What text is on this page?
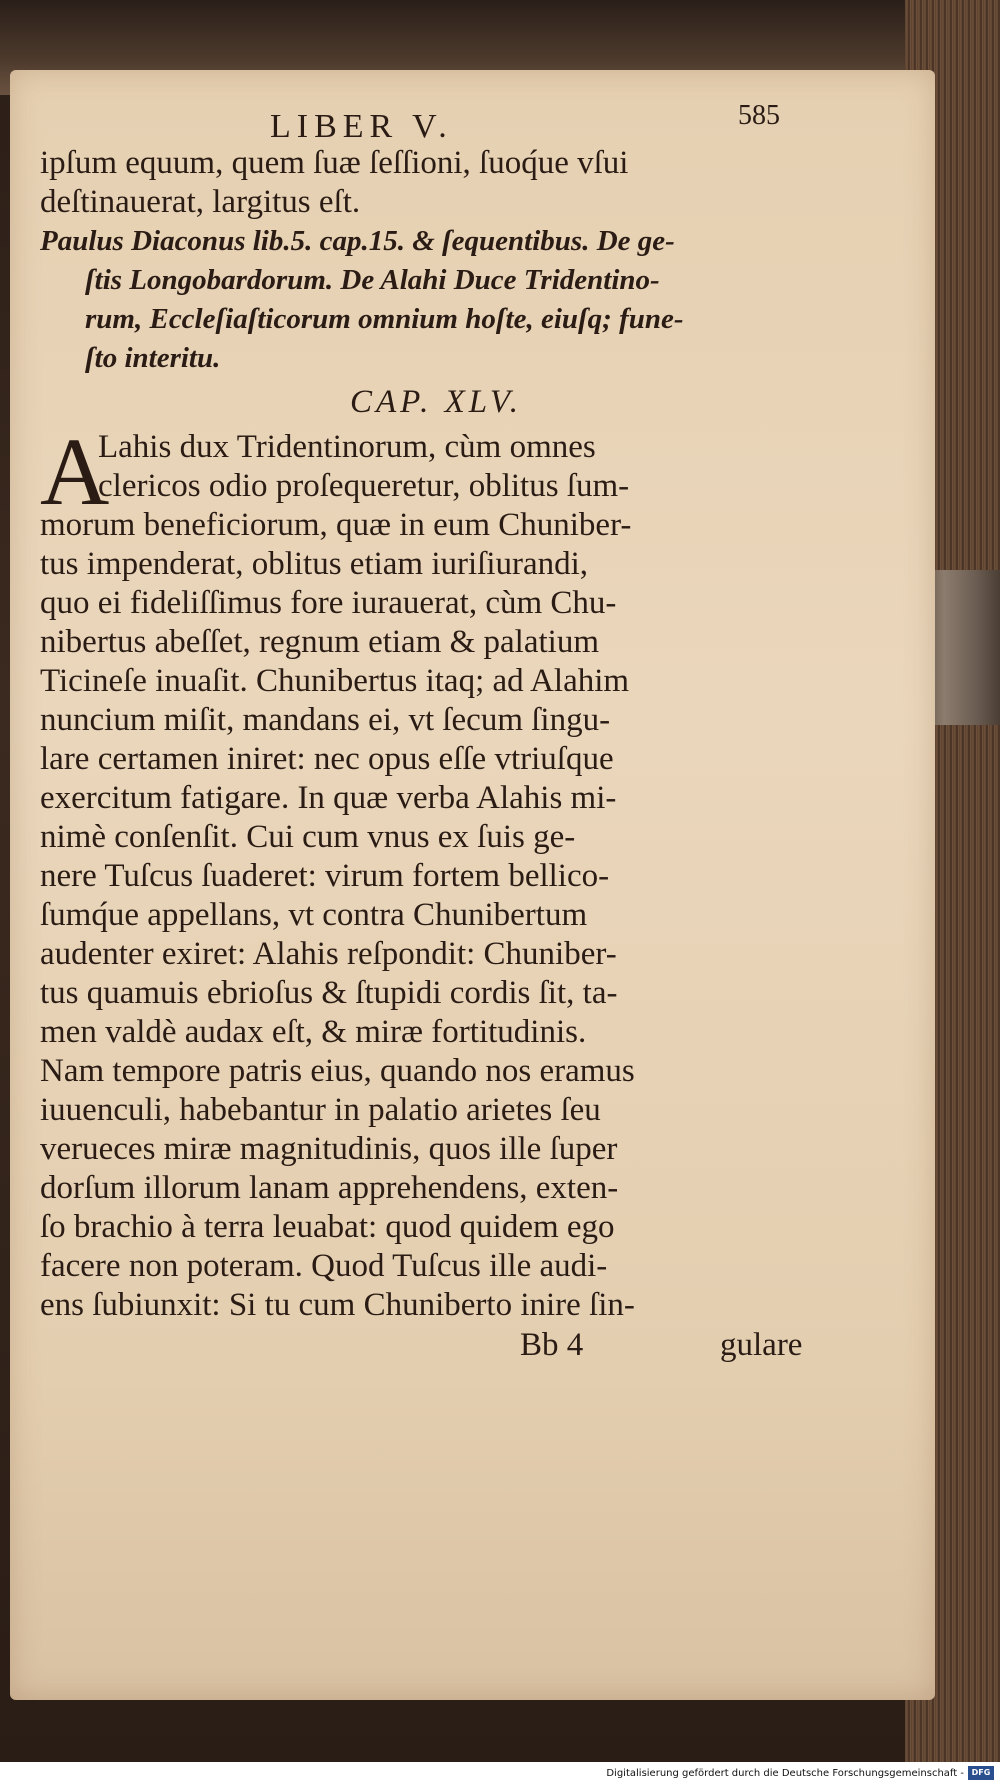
LIBER V.	585
ipſum equum, quem ſuæ ſeſſioni, ſuoq́ue vſui
deſtinauerat, largitus eſt.
Paulus Diaconus lib.5. cap.15. & ſequentibus. De ge-
ſtis Longobardorum. De Alahi Duce Tridentino-
rum, Eccleſiaſticorum omnium hoſte, eiuſq; fune-
ſto interitu.
CAP. XLV.
A
Lahis dux Tridentinorum, cùm omnes
clericos odio proſequeretur, oblitus ſum-
morum beneficiorum, quæ in eum Chuniber-
tus impenderat, oblitus etiam iuriſiurandi,
quo ei fideliſſimus fore iurauerat, cùm Chu-
nibertus abeſſet, regnum etiam & palatium
Ticineſe inuaſit. Chunibertus itaq; ad Alahim
nuncium miſit, mandans ei, vt ſecum ſingu-
lare certamen iniret: nec opus eſſe vtriuſque
exercitum fatigare. In quæ verba Alahis mi-
nimè conſenſit. Cui cum vnus ex ſuis ge-
nere Tuſcus ſuaderet: virum fortem bellico-
ſumq́ue appellans, vt contra Chunibertum
audenter exiret: Alahis reſpondit: Chuniber-
tus quamuis ebrioſus & ſtupidi cordis ſit, ta-
men valdè audax eſt, & miræ fortitudinis.
Nam tempore patris eius, quando nos eramus
iuuenculi, habebantur in palatio arietes ſeu
verueces miræ magnitudinis, quos ille ſuper
dorſum illorum lanam apprehendens, exten-
ſo brachio à terra leuabat: quod quidem ego
facere non poteram. Quod Tuſcus ille audi-
ens ſubiunxit: Si tu cum Chuniberto inire ſin-
Bb 4	gulare
Digitalisierung gefördert durch die Deutsche Forschungsgemeinschaft - DFG
